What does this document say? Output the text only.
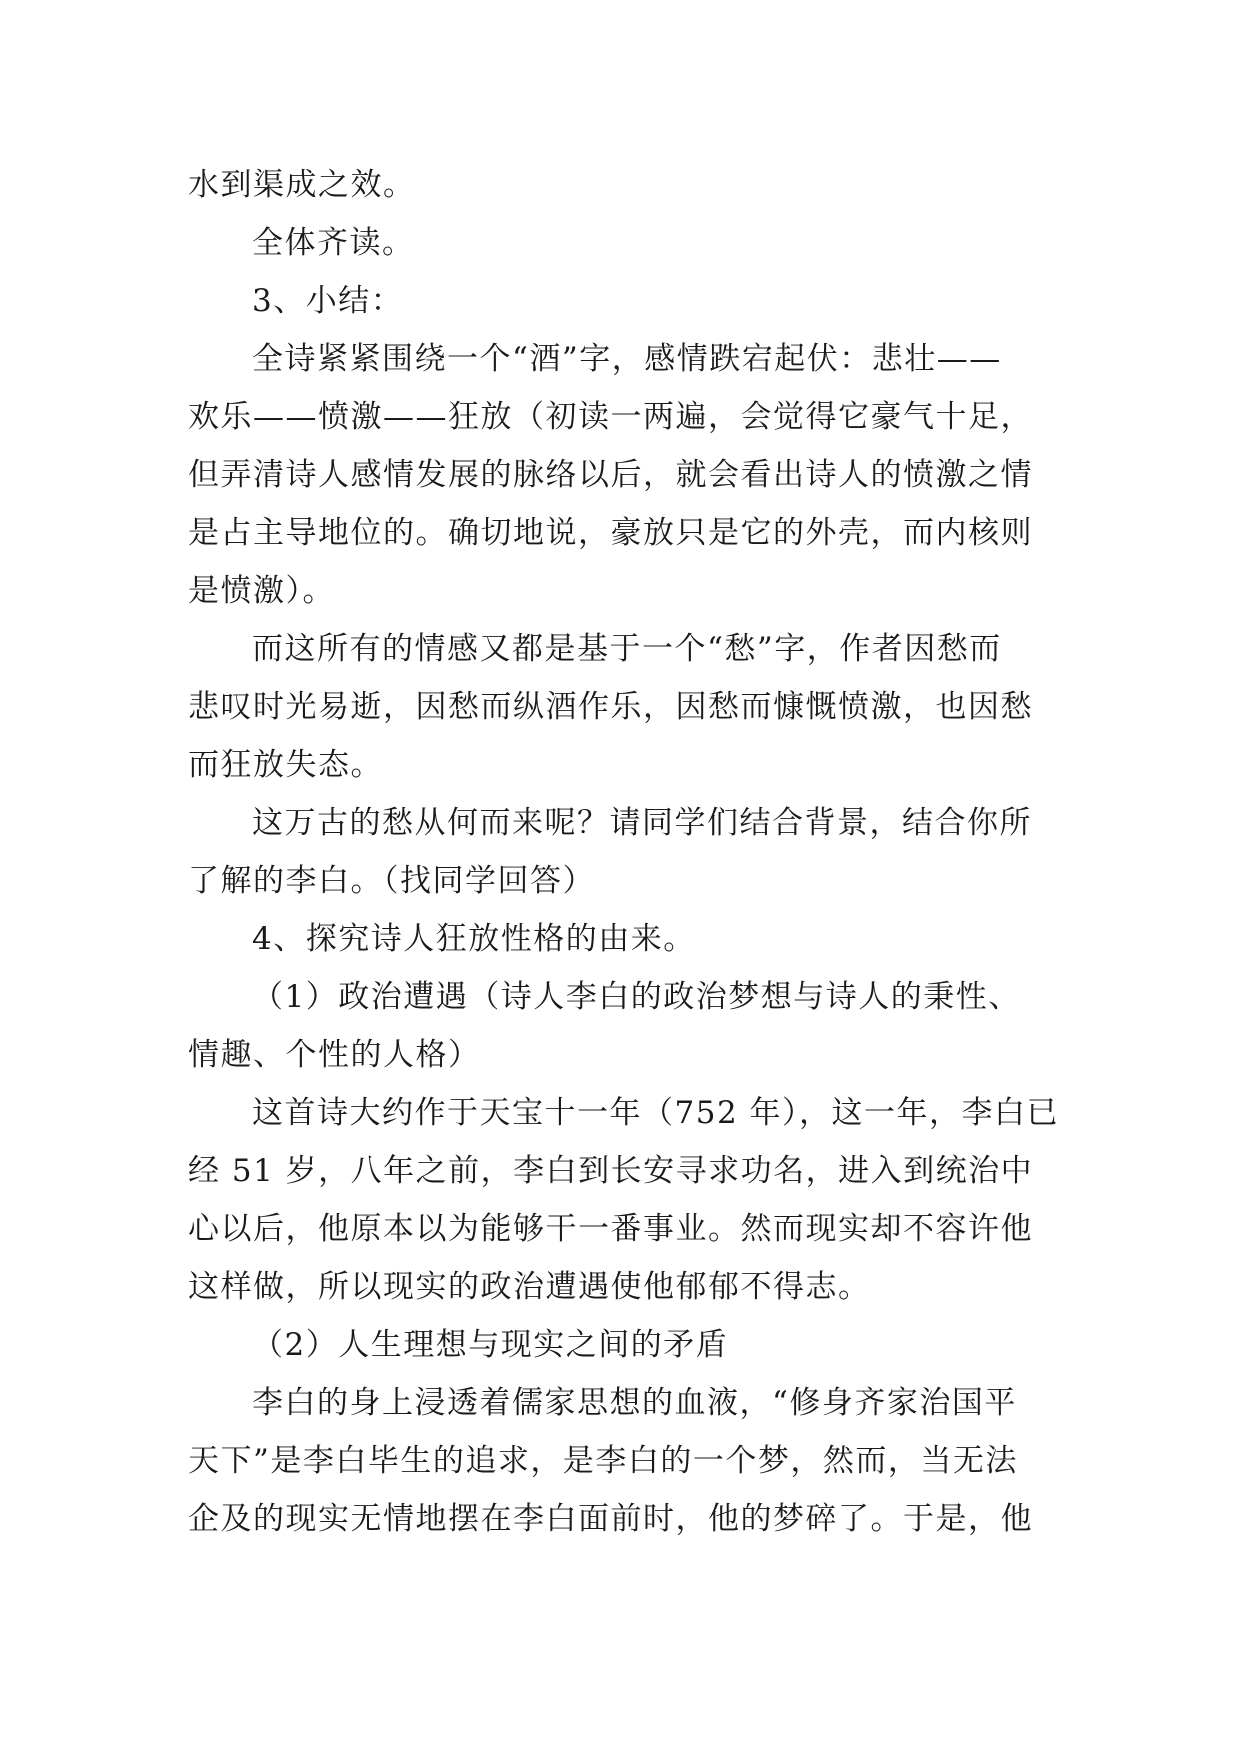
水到渠成之效。
全体齐读。
3、小结：
全诗紧紧围绕一个“酒”字，感情跌宕起伏：悲壮——
欢乐——愤激——狂放（初读一两遍，会觉得它豪气十足，
但弄清诗人感情发展的脉络以后，就会看出诗人的愤激之情
是占主导地位的。确切地说，豪放只是它的外壳，而内核则
是愤激）。
而这所有的情感又都是基于一个“愁”字，作者因愁而
悲叹时光易逝，因愁而纵酒作乐，因愁而慷慨愤激，也因愁
而狂放失态。
这万古的愁从何而来呢？请同学们结合背景，结合你所
了解的李白。（找同学回答）
4、探究诗人狂放性格的由来。
（1）政治遭遇（诗人李白的政治梦想与诗人的秉性、
情趣、个性的人格）
这首诗大约作于天宝十一年（752 年），这一年，李白已
经 51 岁，八年之前，李白到长安寻求功名，进入到统治中
心以后，他原本以为能够干一番事业。然而现实却不容许他
这样做，所以现实的政治遭遇使他郁郁不得志。
（2）人生理想与现实之间的矛盾
李白的身上浸透着儒家思想的血液，“修身齐家治国平
天下”是李白毕生的追求，是李白的一个梦，然而，当无法
企及的现实无情地摆在李白面前时，他的梦碎了。于是，他
